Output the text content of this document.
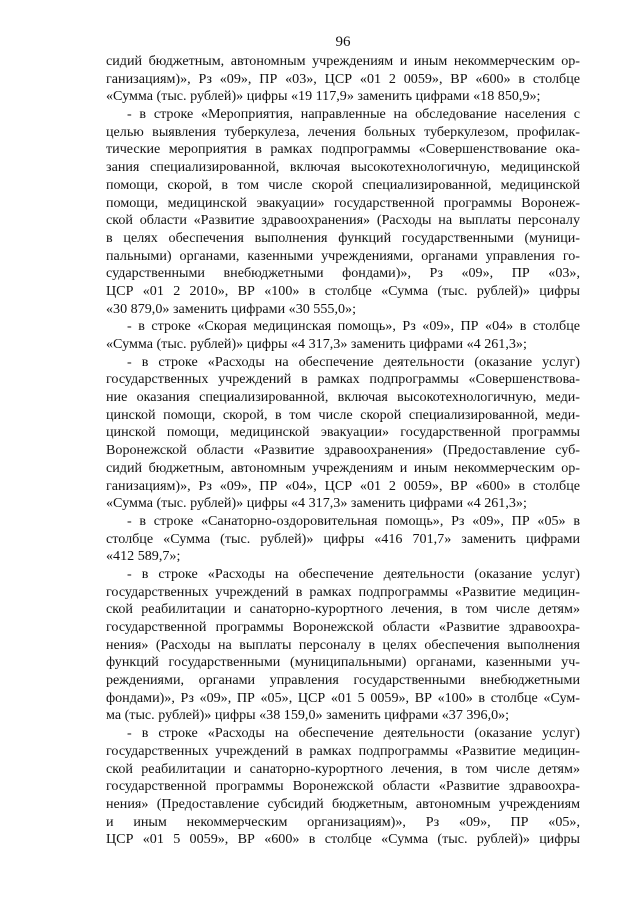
96
сидий бюджетным, автономным учреждениям и иным некоммерческим ор-
ганизациям)», Рз «09», ПР «03», ЦСР «01 2 0059», ВР «600» в столбце
«Сумма (тыс. рублей)» цифры «19 117,9» заменить цифрами «18 850,9»;
- в строке «Мероприятия, направленные на обследование населения с
целью выявления туберкулеза, лечения больных туберкулезом, профилак-
тические мероприятия в рамках подпрограммы «Совершенствование ока-
зания специализированной, включая высокотехнологичную, медицинской
помощи, скорой, в том числе скорой специализированной, медицинской
помощи, медицинской эвакуации» государственной программы Воронеж-
ской области «Развитие здравоохранения» (Расходы на выплаты персоналу
в целях обеспечения выполнения функций государственными (муници-
пальными) органами, казенными учреждениями, органами управления го-
сударственными внебюджетными фондами)», Рз «09», ПР «03»,
ЦСР «01 2 2010», ВР «100» в столбце «Сумма (тыс. рублей)» цифры
«30 879,0» заменить цифрами «30 555,0»;
- в строке «Скорая медицинская помощь», Рз «09», ПР «04» в столбце
«Сумма (тыс. рублей)» цифры «4 317,3» заменить цифрами «4 261,3»;
- в строке «Расходы на обеспечение деятельности (оказание услуг)
государственных учреждений в рамках подпрограммы «Совершенствова-
ние оказания специализированной, включая высокотехнологичную, меди-
цинской помощи, скорой, в том числе скорой специализированной, меди-
цинской помощи, медицинской эвакуации» государственной программы
Воронежской области «Развитие здравоохранения» (Предоставление суб-
сидий бюджетным, автономным учреждениям и иным некоммерческим ор-
ганизациям)», Рз «09», ПР «04», ЦСР «01 2 0059», ВР «600» в столбце
«Сумма (тыс. рублей)» цифры «4 317,3» заменить цифрами «4 261,3»;
- в строке «Санаторно-оздоровительная помощь», Рз «09», ПР «05» в
столбце «Сумма (тыс. рублей)» цифры «416 701,7» заменить цифрами
«412 589,7»;
- в строке «Расходы на обеспечение деятельности (оказание услуг)
государственных учреждений в рамках подпрограммы «Развитие медицин-
ской реабилитации и санаторно-курортного лечения, в том числе детям»
государственной программы Воронежской области «Развитие здравоохра-
нения» (Расходы на выплаты персоналу в целях обеспечения выполнения
функций государственными (муниципальными) органами, казенными уч-
реждениями, органами управления государственными внебюджетными
фондами)», Рз «09», ПР «05», ЦСР «01 5 0059», ВР «100» в столбце «Сум-
ма (тыс. рублей)» цифры «38 159,0» заменить цифрами «37 396,0»;
- в строке «Расходы на обеспечение деятельности (оказание услуг)
государственных учреждений в рамках подпрограммы «Развитие медицин-
ской реабилитации и санаторно-курортного лечения, в том числе детям»
государственной программы Воронежской области «Развитие здравоохра-
нения» (Предоставление субсидий бюджетным, автономным учреждениям
и иным некоммерческим организациям)», Рз «09», ПР «05»,
ЦСР «01 5 0059», ВР «600» в столбце «Сумма (тыс. рублей)» цифры
